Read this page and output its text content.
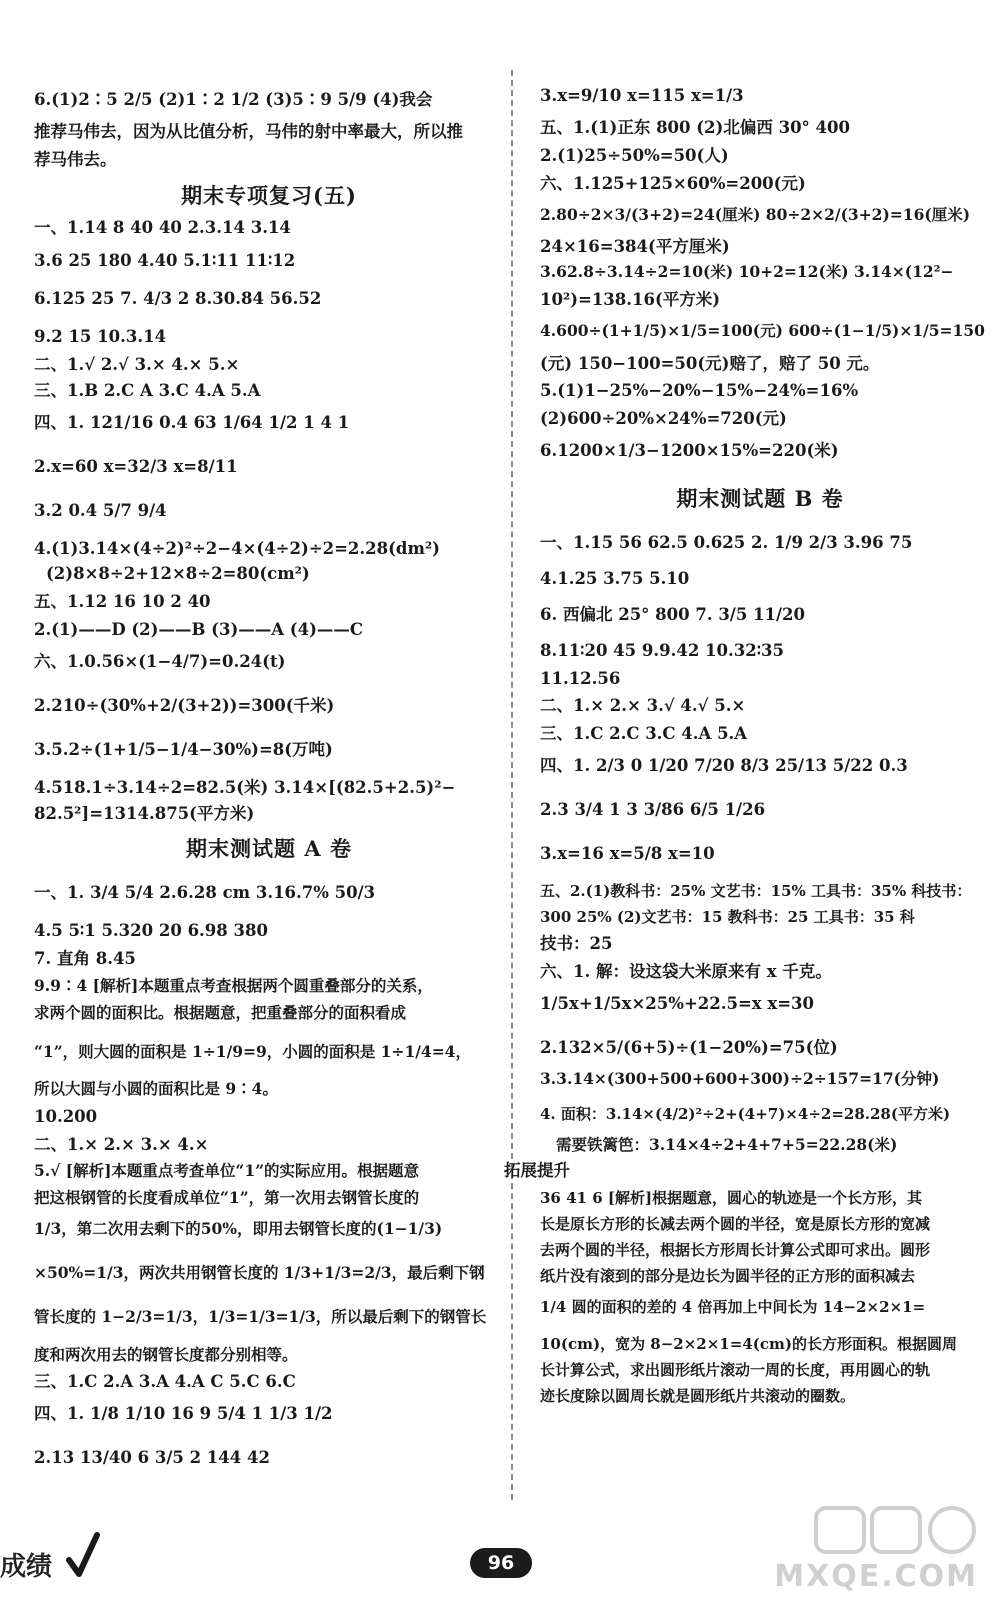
6.(1)2∶5 2/5 (2)1∶2 1/2 (3)5∶9 5/9 (4)我会

推荐马伟去，因为从比值分析，马伟的射中率最大，所以推

荐马伟去。

期末专项复习(五)

一、1.14 8 40 40 2.3.14 3.14

3.6 25 180 4.40 5.1∶11 11∶12

6.125 25 7. 4/3 2 8.30.84 56.52

9.2 15 10.3.14

二、1.√ 2.√ 3.× 4.× 5.×

三、1.B 2.C A 3.C 4.A 5.A

四、1. 121/16 0.4 63 1/64 1/2 1 4 1

2.x=60 x=32/3 x=8/11

3.2 0.4 5/7 9/4

4.(1)3.14×(4÷2)²÷2−4×(4÷2)÷2=2.28(dm²)

(2)8×8÷2+12×8÷2=80(cm²)

五、1.12 16 10 2 40

2.(1)——D (2)——B (3)——A (4)——C

六、1.0.56×(1−4/7)=0.24(t)

2.210÷(30%+2/(3+2))=300(千米)

3.5.2÷(1+1/5−1/4−30%)=8(万吨)

4.518.1÷3.14÷2=82.5(米) 3.14×[(82.5+2.5)²−

82.5²]=1314.875(平方米)

期末测试题 A 卷

一、1. 3/4 5/4 2.6.28 cm 3.16.7% 50/3

4.5 5∶1 5.320 20 6.98 380

7. 直角 8.45

9.9∶4 [解析]本题重点考查根据两个圆重叠部分的关系，

求两个圆的面积比。根据题意，把重叠部分的面积看成

“1”，则大圆的面积是 1÷1/9=9，小圆的面积是 1÷1/4=4，

所以大圆与小圆的面积比是 9∶4。

10.200

二、1.× 2.× 3.× 4.×

5.√ [解析]本题重点考查单位“1”的实际应用。根据题意

把这根钢管的长度看成单位“1”，第一次用去钢管长度的

1/3，第二次用去剩下的50%，即用去钢管长度的(1−1/3)

×50%=1/3，两次共用钢管长度的 1/3+1/3=2/3，最后剩下钢

管长度的 1−2/3=1/3，1/3=1/3=1/3，所以最后剩下的钢管长

度和两次用去的钢管长度都分别相等。

三、1.C 2.A 3.A 4.A C 5.C 6.C

四、1. 1/8 1/10 16 9 5/4 1 1/3 1/2

2.13 13/40 6 3/5 2 144 42

3.x=9/10 x=115 x=1/3

五、1.(1)正东 800 (2)北偏西 30° 400

2.(1)25÷50%=50(人)

六、1.125+125×60%=200(元)

2.80÷2×3/(3+2)=24(厘米) 80÷2×2/(3+2)=16(厘米)

24×16=384(平方厘米)

3.62.8÷3.14÷2=10(米) 10+2=12(米) 3.14×(12²−

10²)=138.16(平方米)

4.600÷(1+1/5)×1/5=100(元) 600÷(1−1/5)×1/5=150

(元) 150−100=50(元)赔了，赔了 50 元。

5.(1)1−25%−20%−15%−24%=16%

(2)600÷20%×24%=720(元)

6.1200×1/3−1200×15%=220(米)

期末测试题 B 卷

一、1.15 56 62.5 0.625 2. 1/9 2/3 3.96 75

4.1.25 3.75 5.10

6. 西偏北 25° 800 7. 3/5 11/20

8.11∶20 45 9.9.42 10.32∶35

11.12.56

二、1.× 2.× 3.√ 4.√ 5.×

三、1.C 2.C 3.C 4.A 5.A

四、1. 2/3 0 1/20 7/20 8/3 25/13 5/22 0.3

2.3 3/4 1 3 3/86 6/5 1/26

3.x=16 x=5/8 x=10

五、2.(1)教科书：25% 文艺书：15% 工具书：35% 科技书：

300 25% (2)文艺书：15 教科书：25 工具书：35 科

技书：25

六、1. 解：设这袋大米原来有 x 千克。

1/5x+1/5x×25%+22.5=x x=30

2.132×5/(6+5)÷(1−20%)=75(位)

3.3.14×(300+500+600+300)÷2÷157=17(分钟)

4. 面积：3.14×(4/2)²÷2+(4+7)×4÷2=28.28(平方米)

需要铁篱笆：3.14×4÷2+4+7+5=22.28(米)

拓展提升

36 41 6 [解析]根据题意，圆心的轨迹是一个长方形，其

长是原长方形的长减去两个圆的半径，宽是原长方形的宽减

去两个圆的半径，根据长方形周长计算公式即可求出。圆形

纸片没有滚到的部分是边长为圆半径的正方形的面积减去

1/4 圆的面积的差的 4 倍再加上中间长为 14−2×2×1=

10(cm)，宽为 8−2×2×1=4(cm)的长方形面积。根据圆周

长计算公式，求出圆形纸片滚动一周的长度，再用圆心的轨

迹长度除以圆周长就是圆形纸片共滚动的圈数。

成绩	96	MXQE.COM
